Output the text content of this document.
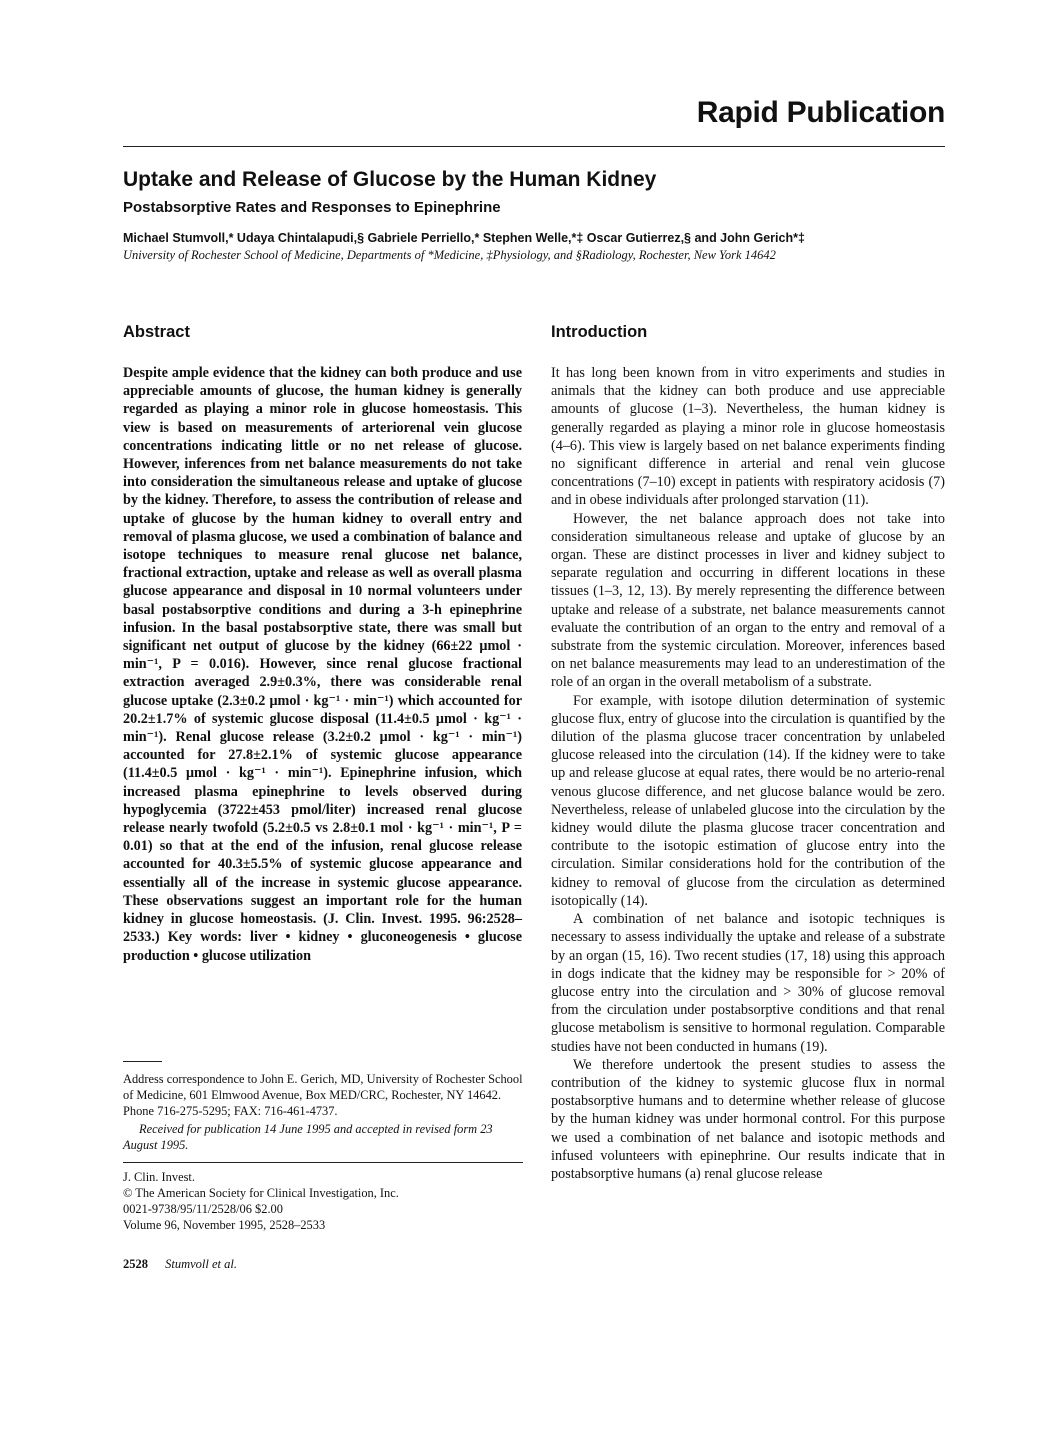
Rapid Publication
Uptake and Release of Glucose by the Human Kidney
Postabsorptive Rates and Responses to Epinephrine
Michael Stumvoll,* Udaya Chintalapudi,§ Gabriele Perriello,* Stephen Welle,*‡ Oscar Gutierrez,§ and John Gerich*‡
University of Rochester School of Medicine, Departments of *Medicine, ‡Physiology, and §Radiology, Rochester, New York 14642
Abstract

Despite ample evidence that the kidney can both produce and use appreciable amounts of glucose, the human kidney is generally regarded as playing a minor role in glucose homeostasis. This view is based on measurements of arteriorenal vein glucose concentrations indicating little or no net release of glucose. However, inferences from net balance measurements do not take into consideration the simultaneous release and uptake of glucose by the kidney. Therefore, to assess the contribution of release and uptake of glucose by the human kidney to overall entry and removal of plasma glucose, we used a combination of balance and isotope techniques to measure renal glucose net balance, fractional extraction, uptake and release as well as overall plasma glucose appearance and disposal in 10 normal volunteers under basal postabsorptive conditions and during a 3-h epinephrine infusion. In the basal postabsorptive state, there was small but significant net output of glucose by the kidney (66±22 μmol · min⁻¹, P = 0.016). However, since renal glucose fractional extraction averaged 2.9±0.3%, there was considerable renal glucose uptake (2.3±0.2 μmol · kg⁻¹ · min⁻¹) which accounted for 20.2±1.7% of systemic glucose disposal (11.4±0.5 μmol · kg⁻¹ · min⁻¹). Renal glucose release (3.2±0.2 μmol · kg⁻¹ · min⁻¹) accounted for 27.8±2.1% of systemic glucose appearance (11.4±0.5 μmol · kg⁻¹ · min⁻¹). Epinephrine infusion, which increased plasma epinephrine to levels observed during hypoglycemia (3722±453 pmol/liter) increased renal glucose release nearly twofold (5.2±0.5 vs 2.8±0.1 mol · kg⁻¹ · min⁻¹, P = 0.01) so that at the end of the infusion, renal glucose release accounted for 40.3±5.5% of systemic glucose appearance and essentially all of the increase in systemic glucose appearance. These observations suggest an important role for the human kidney in glucose homeostasis. (J. Clin. Invest. 1995. 96:2528–2533.) Key words: liver • kidney • gluconeogenesis • glucose production • glucose utilization

Address correspondence to John E. Gerich, MD, University of Rochester School of Medicine, 601 Elmwood Avenue, Box MED/CRC, Rochester, NY 14642. Phone 716-275-5295; FAX: 716-461-4737.
Received for publication 14 June 1995 and accepted in revised form 23 August 1995.
J. Clin. Invest.
© The American Society for Clinical Investigation, Inc.
0021-9738/95/11/2528/06 $2.00
Volume 96, November 1995, 2528–2533
Introduction

It has long been known from in vitro experiments and studies in animals that the kidney can both produce and use appreciable amounts of glucose (1–3). Nevertheless, the human kidney is generally regarded as playing a minor role in glucose homeostasis (4–6). This view is largely based on net balance experiments finding no significant difference in arterial and renal vein glucose concentrations (7–10) except in patients with respiratory acidosis (7) and in obese individuals after prolonged starvation (11).

However, the net balance approach does not take into consideration simultaneous release and uptake of glucose by an organ. These are distinct processes in liver and kidney subject to separate regulation and occurring in different locations in these tissues (1–3, 12, 13). By merely representing the difference between uptake and release of a substrate, net balance measurements cannot evaluate the contribution of an organ to the entry and removal of a substrate from the systemic circulation. Moreover, inferences based on net balance measurements may lead to an underestimation of the role of an organ in the overall metabolism of a substrate.

For example, with isotope dilution determination of systemic glucose flux, entry of glucose into the circulation is quantified by the dilution of the plasma glucose tracer concentration by unlabeled glucose released into the circulation (14). If the kidney were to take up and release glucose at equal rates, there would be no arterio-renal venous glucose difference, and net glucose balance would be zero. Nevertheless, release of unlabeled glucose into the circulation by the kidney would dilute the plasma glucose tracer concentration and contribute to the isotopic estimation of glucose entry into the circulation. Similar considerations hold for the contribution of the kidney to removal of glucose from the circulation as determined isotopically (14).

A combination of net balance and isotopic techniques is necessary to assess individually the uptake and release of a substrate by an organ (15, 16). Two recent studies (17, 18) using this approach in dogs indicate that the kidney may be responsible for > 20% of glucose entry into the circulation and > 30% of glucose removal from the circulation under postabsorptive conditions and that renal glucose metabolism is sensitive to hormonal regulation. Comparable studies have not been conducted in humans (19).

We therefore undertook the present studies to assess the contribution of the kidney to systemic glucose flux in normal postabsorptive humans and to determine whether release of glucose by the human kidney was under hormonal control. For this purpose we used a combination of net balance and isotopic methods and infused volunteers with epinephrine. Our results indicate that in postabsorptive humans (a) renal glucose release

2528 Stumvoll et al.
